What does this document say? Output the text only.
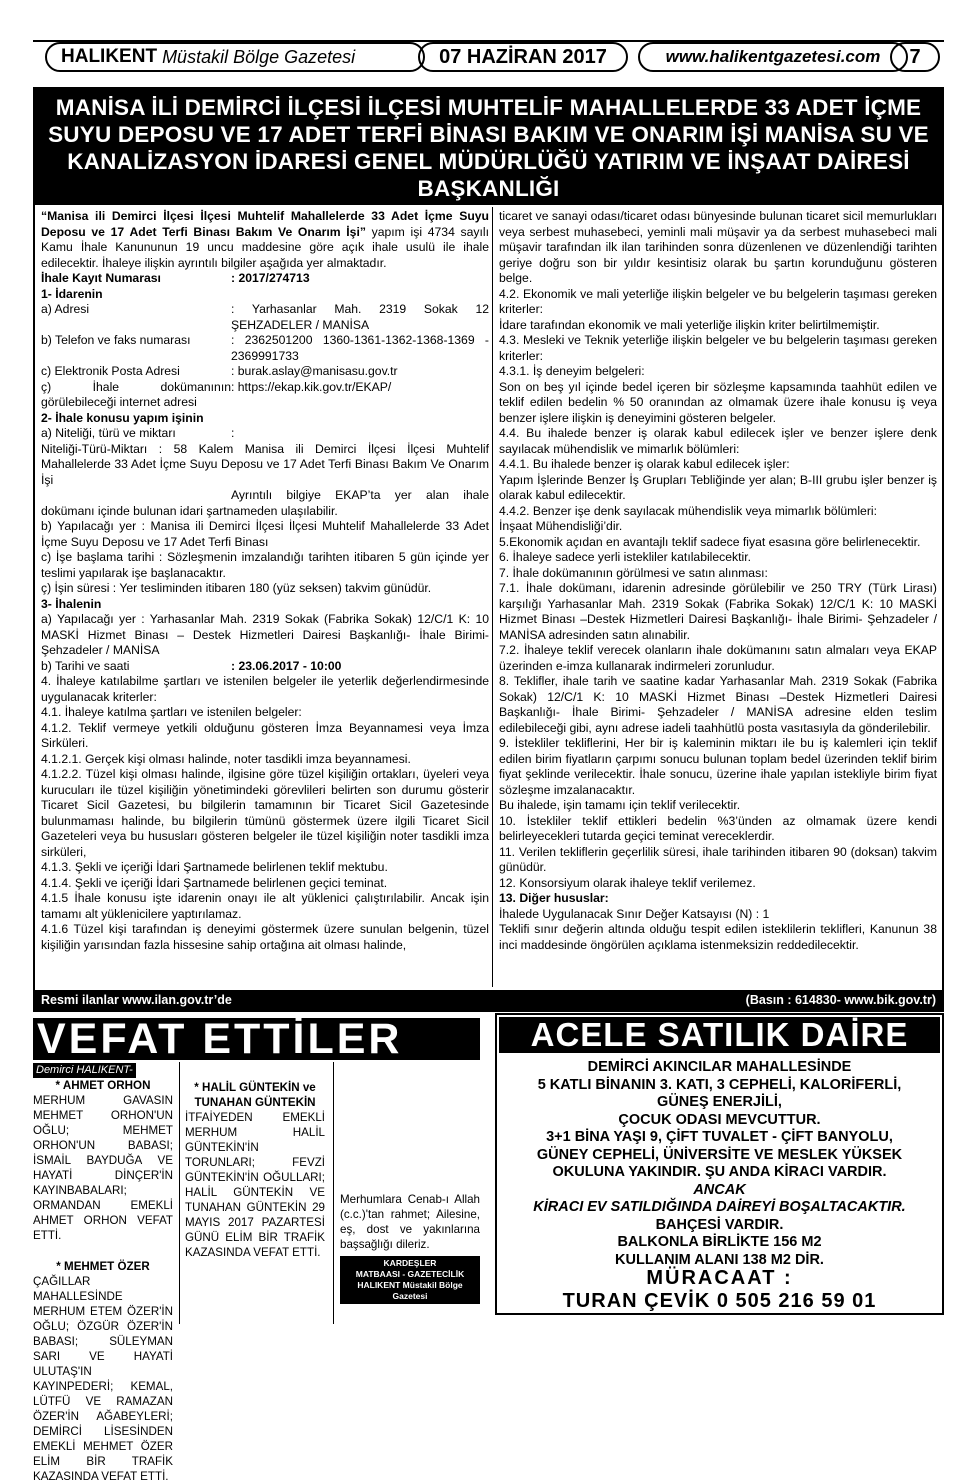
HALIKENT Müstakil Bölge Gazetesi	07 HAZİRAN 2017	www.halikentgazetesi.com	7
MANİSA İLİ DEMİRCİ İLÇESİ İLÇESİ MUHTELİF MAHALLELERDE 33 ADET İÇME SUYU DEPOSU VE 17 ADET TERFİ BİNASI BAKIM VE ONARIM İŞİ MANİSA SU VE KANALİZASYON İDARESİ GENEL MÜDÜRLÜĞÜ YATIRIM VE İNŞAAT DAİRESİ BAŞKANLIĞI

“Manisa ili Demirci İlçesi İlçesi Muhtelif Mahallelerde 33 Adet İçme Suyu Deposu ve 17 Adet Terfi Binası Bakım Ve Onarım İşi” yapım işi 4734 sayılı Kamu İhale Kanununun 19 uncu maddesine göre açık ihale usulü ile ihale edilecektir. İhaleye ilişkin ayrıntılı bilgiler aşağıda yer almaktadır.

İhale Kayıt Numarası	: 2017/274713

1- İdarenin

a) Adresi	: Yarhasanlar Mah. 2319 Sokak 12 ŞEHZADELER / MANİSA
b) Telefon ve faks numarası	: 2362501200 1360-1361-1362-1368-1369 - 2369991733
c) Elektronik Posta Adresi	: burak.aslay@manisasu.gov.tr
ç) İhale dokümanının görülebileceği internet adresi
: https://ekap.kik.gov.tr/EKAP/

2- İhale konusu yapım işinin

a) Niteliği, türü ve miktarı	:

Niteliği-Türü-Miktarı : 58 Kalem Manisa ili Demirci İlçesi İlçesi Muhtelif Mahallelerde 33 Adet İçme Suyu Deposu ve 17 Adet Terfi Binası Bakım Ve Onarım İşi

Ayrıntılı bilgiye EKAP’ta yer alan ihale dokümanı içinde bulunan idari şartnameden ulaşılabilir.

b) Yapılacağı yer : Manisa ili Demirci İlçesi İlçesi Muhtelif Mahallelerde 33 Adet İçme Suyu Deposu ve 17 Adet Terfi Binası

c) İşe başlama tarihi : Sözleşmenin imzalandığı tarihten itibaren 5 gün içinde yer teslimi yapılarak işe başlanacaktır.

ç) İşin süresi : Yer tesliminden itibaren 180 (yüz seksen) takvim günüdür.

3- İhalenin

a) Yapılacağı yer : Yarhasanlar Mah. 2319 Sokak (Fabrika Sokak) 12/C/1 K: 10 MASKİ Hizmet Binası – Destek Hizmetleri Dairesi Başkanlığı- İhale Birimi- Şehzadeler / MANİSA

b) Tarihi ve saati	: 23.06.2017 - 10:00

4. İhaleye katılabilme şartları ve istenilen belgeler ile yeterlik değerlendirmesinde uygulanacak kriterler:

4.1. İhaleye katılma şartları ve istenilen belgeler:

4.1.2. Teklif vermeye yetkili olduğunu gösteren İmza Beyannamesi veya İmza Sirküleri.

4.1.2.1. Gerçek kişi olması halinde, noter tasdikli imza beyannamesi.

4.1.2.2. Tüzel kişi olması halinde, ilgisine göre tüzel kişiliğin ortakları, üyeleri veya kurucuları ile tüzel kişiliğin yönetimindeki görevlileri belirten son durumu gösterir Ticaret Sicil Gazetesi, bu bilgilerin tamamının bir Ticaret Sicil Gazetesinde bulunmaması halinde, bu bilgilerin tümünü göstermek üzere ilgili Ticaret Sicil Gazeteleri veya bu hususları gösteren belgeler ile tüzel kişiliğin noter tasdikli imza sirküleri,

4.1.3. Şekli ve içeriği İdari Şartnamede belirlenen teklif mektubu.

4.1.4. Şekli ve içeriği İdari Şartnamede belirlenen geçici teminat.

4.1.5 İhale konusu işte idarenin onayı ile alt yüklenici çalıştırılabilir. Ancak işin tamamı alt yüklenicilere yaptırılamaz.

4.1.6 Tüzel kişi tarafından iş deneyimi göstermek üzere sunulan belgenin, tüzel kişiliğin yarısından fazla hissesine sahip ortağına ait olması halinde,

ticaret ve sanayi odası/ticaret odası bünyesinde bulunan ticaret sicil memurlukları veya serbest muhasebeci, yeminli mali müşavir ya da serbest muhasebeci mali müşavir tarafından ilk ilan tarihinden sonra düzenlenen ve düzenlendiği tarihten geriye doğru son bir yıldır kesintisiz olarak bu şartın korunduğunu gösteren belge.

4.2. Ekonomik ve mali yeterliğe ilişkin belgeler ve bu belgelerin taşıması gereken kriterler:

İdare tarafından ekonomik ve mali yeterliğe ilişkin kriter belirtilmemiştir.

4.3. Mesleki ve Teknik yeterliğe ilişkin belgeler ve bu belgelerin taşıması gereken kriterler:

4.3.1. İş deneyim belgeleri:

Son on beş yıl içinde bedel içeren bir sözleşme kapsamında taahhüt edilen ve teklif edilen bedelin % 50 oranından az olmamak üzere ihale konusu iş veya benzer işlere ilişkin iş deneyimini gösteren belgeler.

4.4. Bu ihalede benzer iş olarak kabul edilecek işler ve benzer işlere denk sayılacak mühendislik ve mimarlık bölümleri:

4.4.1. Bu ihalede benzer iş olarak kabul edilecek işler:

Yapım İşlerinde Benzer İş Grupları Tebliğinde yer alan; B-III grubu işler benzer iş olarak kabul edilecektir.

4.4.2. Benzer işe denk sayılacak mühendislik veya mimarlık bölümleri:

İnşaat Mühendisliği’dir.

5.Ekonomik açıdan en avantajlı teklif sadece fiyat esasına göre belirlenecektir.

6. İhaleye sadece yerli istekliler katılabilecektir.

7. İhale dokümanının görülmesi ve satın alınması:

7.1. İhale dokümanı, idarenin adresinde görülebilir ve 250 TRY (Türk Lirası) karşılığı Yarhasanlar Mah. 2319 Sokak (Fabrika Sokak) 12/C/1 K: 10 MASKİ Hizmet Binası –Destek Hizmetleri Dairesi Başkanlığı- İhale Birimi- Şehzadeler / MANİSA adresinden satın alınabilir.

7.2. İhaleye teklif verecek olanların ihale dokümanını satın almaları veya EKAP üzerinden e-imza kullanarak indirmeleri zorunludur.

8. Teklifler, ihale tarih ve saatine kadar Yarhasanlar Mah. 2319 Sokak (Fabrika Sokak) 12/C/1 K: 10 MASKİ Hizmet Binası –Destek Hizmetleri Dairesi Başkanlığı- İhale Birimi- Şehzadeler / MANİSA adresine elden teslim edilebileceği gibi, aynı adrese iadeli taahhütlü posta vasıtasıyla da gönderilebilir.

9. İstekliler tekliflerini, Her bir iş kaleminin miktarı ile bu iş kalemleri için teklif edilen birim fiyatların çarpımı sonucu bulunan toplam bedel üzerinden teklif birim fiyat şeklinde verilecektir. İhale sonucu, üzerine ihale yapılan istekliyle birim fiyat sözleşme imzalanacaktır.

Bu ihalede, işin tamamı için teklif verilecektir.

10. İstekliler teklif ettikleri bedelin %3’ünden az olmamak üzere kendi belirleyecekleri tutarda geçici teminat vereceklerdir.

11. Verilen tekliflerin geçerlilik süresi, ihale tarihinden itibaren 90 (doksan) takvim günüdür.

12. Konsorsiyum olarak ihaleye teklif verilemez.

13. Diğer hususlar:

İhalede Uygulanacak Sınır Değer Katsayısı (N) : 1

Teklifi sınır değerin altında olduğu tespit edilen isteklilerin teklifleri, Kanunun 38 inci maddesinde öngörülen açıklama istenmeksizin reddedilecektir.

Resmi ilanlar www.ilan.gov.tr’de	(Basın : 614830- www.bik.gov.tr)
VEFAT ETTİLER
Demirci HALIKENT-

* AHMET ORHON

MERHUM GAVASIN MEHMET ORHON'UN OĞLU; MEHMET ORHON'UN BABASI; İSMAİL BAYDUĞA VE HAYATİ DİNÇER'İN KAYINBABALARI; ORMANDAN EMEKLİ AHMET ORHON VEFAT ETTİ.

* MEHMET ÖZER

ÇAĞILLAR MAHALLESİNDE MERHUM ETEM ÖZER'İN OĞLU; ÖZGÜR ÖZER'İN BABASI; SÜLEYMAN SARI VE HAYATİ ULUTAŞ'IN KAYINPEDERİ; KEMAL, LÜTFÜ VE RAMAZAN ÖZER'İN AĞABEYLERİ; DEMİRCİ LİSESİNDEN EMEKLİ MEHMET ÖZER ELİM BİR TRAFİK KAZASINDA VEFAT ETTİ.

* HALİL GÜNTEKİN ve TUNAHAN GÜNTEKİN

İTFAİYEDEN EMEKLİ MERHUM HALİL GÜNTEKİN'İN TORUNLARI; FEVZİ GÜNTEKİN'İN OĞULLARI; HALİL GÜNTEKİN VE TUNAHAN GÜNTEKİN 29 MAYIS 2017 PAZARTESİ GÜNÜ ELİM BİR TRAFİK KAZASINDA VEFAT ETTİ.

Merhumlara Cenab-ı Allah (c.c.)'tan rahmet; Ailesine, eş, dost ve yakınlarına başsağlığı dileriz.

KARDEŞLER
MATBAASI - GAZETECİLİK
HALIKENT Müstakil Bölge Gazetesi
ACELE SATILIK DAİRE
DEMİRCİ AKINCILAR MAHALLESİNDE
5 KATLI BİNANIN 3. KATI, 3 CEPHELİ, KALORİFERLİ,
GÜNEŞ ENERJİLİ,
ÇOCUK ODASI MEVCUTTUR.
3+1 BİNA YAŞI 9, ÇİFT TUVALET - ÇİFT BANYOLU,
GÜNEY CEPHELİ, ÜNİVERSİTE VE MESLEK YÜKSEK
OKULUNA YAKINDIR. ŞU ANDA KİRACI VARDIR.
ANCAK
KİRACI EV SATILDIĞINDA DAİREYİ BOŞALTACAKTIR.
BAHÇESİ VARDIR.
BALKONLA BİRLİKTE 156 M2
KULLANIM ALANI 138 M2 DİR.
MÜRACAAT :
TURAN ÇEVİK 0 505 216 59 01
